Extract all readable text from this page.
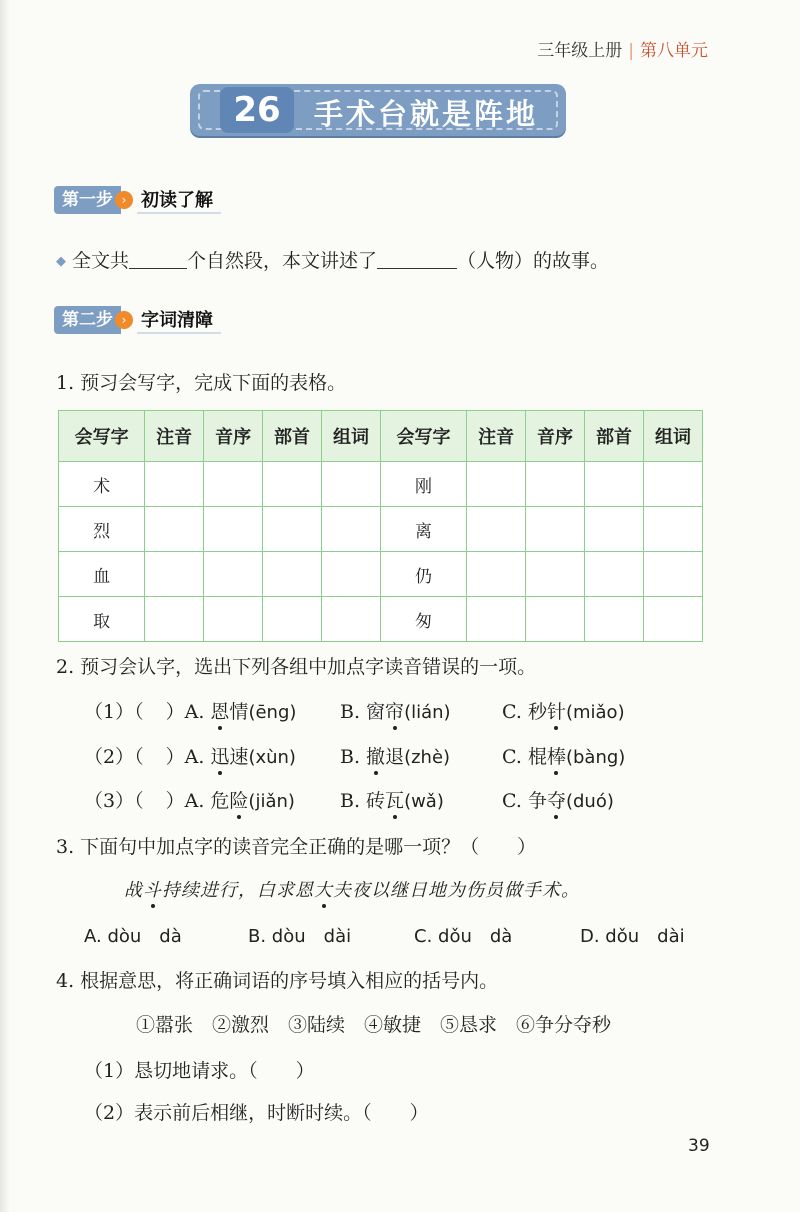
三年级上册 | 第八单元
26	手术台就是阵地
第一步 › 初读了解
◆ 全文共	个自然段，本文讲述了	（人物）的故事。
第二步 › 字词清障
1. 预习会写字，完成下面的表格。
会写字	注音	音序	部首	组词	会写字	注音	音序	部首	组词
术					刚				
烈					离				
血					仍				
取					匆				
2. 预习会认字，选出下列各组中加点字读音错误的一项。
（1）（ ）A. 恩情(ēng) B. 窗帘(lián)	C. 秒针(miǎo)
（2）（ ）A. 迅速(xùn) B. 撤退(zhè)	C. 棍棒(bàng)
（3）（ ）A. 危险(jiǎn) B. 砖瓦(wǎ)	C. 争夺(duó)
3. 下面句中加点字的读音完全正确的是哪一项？（　　）
战斗持续进行，白求恩大夫夜以继日地为伤员做手术。
A. dòu　dà	B. dòu　dài	C. dǒu　dà	D. dǒu　dài
4. 根据意思，将正确词语的序号填入相应的括号内。
①嚣张　②激烈　③陆续　④敏捷　⑤恳求　⑥争分夺秒
（1）恳切地请求。（　　）
（2）表示前后相继，时断时续。（　　）
39
